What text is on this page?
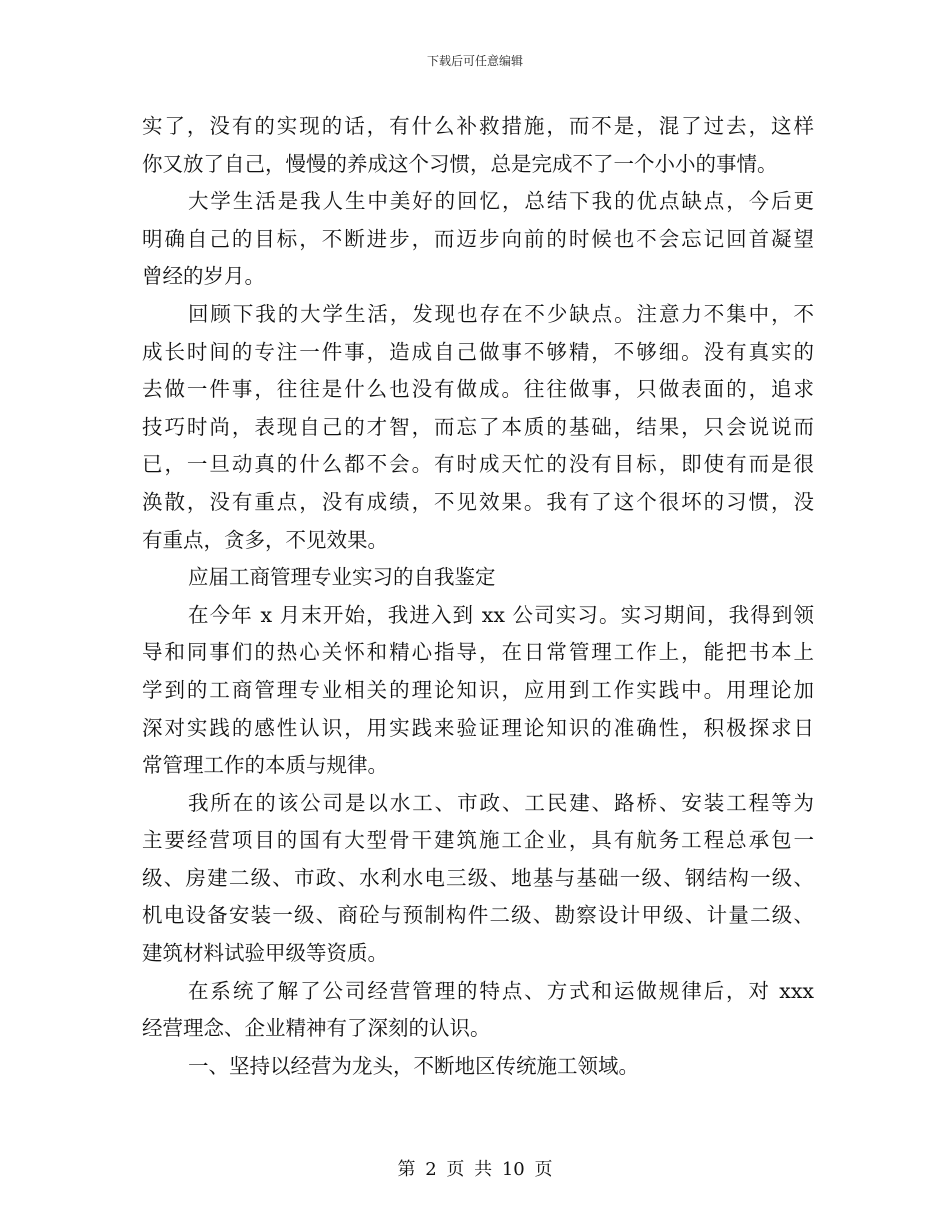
下载后可任意编辑
实了，没有的实现的话，有什么补救措施，而不是，混了过去，这样
你又放了自己，慢慢的养成这个习惯，总是完成不了一个小小的事情。
大学生活是我人生中美好的回忆，总结下我的优点缺点，今后更
明确自己的目标，不断进步，而迈步向前的时候也不会忘记回首凝望
曾经的岁月。
回顾下我的大学生活，发现也存在不少缺点。注意力不集中，不
成长时间的专注一件事，造成自己做事不够精，不够细。没有真实的
去做一件事，往往是什么也没有做成。往往做事，只做表面的，追求
技巧时尚，表现自己的才智，而忘了本质的基础，结果，只会说说而
已，一旦动真的什么都不会。有时成天忙的没有目标，即使有而是很
涣散，没有重点，没有成绩，不见效果。我有了这个很坏的习惯，没
有重点，贪多，不见效果。
应届工商管理专业实习的自我鉴定
在今年 x 月末开始，我进入到 xx 公司实习。实习期间，我得到领
导和同事们的热心关怀和精心指导，在日常管理工作上，能把书本上
学到的工商管理专业相关的理论知识，应用到工作实践中。用理论加
深对实践的感性认识，用实践来验证理论知识的准确性，积极探求日
常管理工作的本质与规律。
我所在的该公司是以水工、市政、工民建、路桥、安装工程等为
主要经营项目的国有大型骨干建筑施工企业，具有航务工程总承包一
级、房建二级、市政、水利水电三级、地基与基础一级、钢结构一级、
机电设备安装一级、商砼与预制构件二级、勘察设计甲级、计量二级、
建筑材料试验甲级等资质。
在系统了解了公司经营管理的特点、方式和运做规律后，对 xxx
经营理念、企业精神有了深刻的认识。
一、坚持以经营为龙头，不断地区传统施工领域。
第 2 页 共 10 页
